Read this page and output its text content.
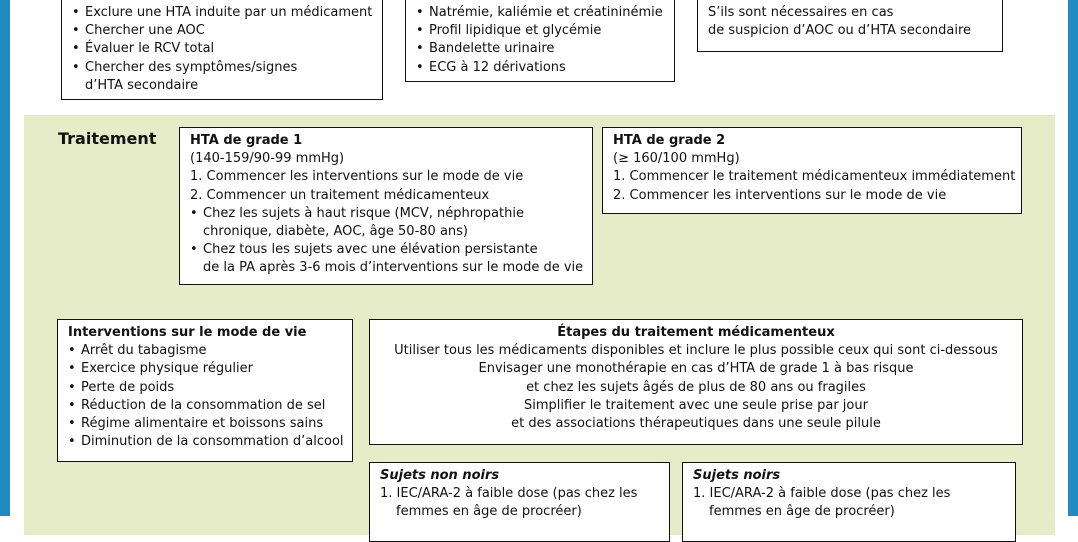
• Exclure une HTA induite par un médicament
• Chercher une AOC
• Évaluer le RCV total
• Chercher des symptômes/signes
d’HTA secondaire
• Natrémie, kaliémie et créatininémie
• Profil lipidique et glycémie
• Bandelette urinaire
• ECG à 12 dérivations
S’ils sont nécessaires en cas
de suspicion d’AOC ou d’HTA secondaire
Traitement	HTA de grade 1
(140-159/90-99 mmHg)
1. Commencer les interventions sur le mode de vie
2. Commencer un traitement médicamenteux
• Chez les sujets à haut risque (MCV, néphropathie
chronique, diabète, AOC, âge 50-80 ans)
• Chez tous les sujets avec une élévation persistante
de la PA après 3-6 mois d’interventions sur le mode de vie
HTA de grade 2
(≥ 160/100 mmHg)
1. Commencer le traitement médicamenteux immédiatement
2. Commencer les interventions sur le mode de vie
Interventions sur le mode de vie
• Arrêt du tabagisme
• Exercice physique régulier
• Perte de poids
• Réduction de la consommation de sel
• Régime alimentaire et boissons sains
• Diminution de la consommation d’alcool
Étapes du traitement médicamenteux
Utiliser tous les médicaments disponibles et inclure le plus possible ceux qui sont ci-dessous
Envisager une monothérapie en cas d’HTA de grade 1 à bas risque
et chez les sujets âgés de plus de 80 ans ou fragiles
Simplifier le traitement avec une seule prise par jour
et des associations thérapeutiques dans une seule pilule
Sujets non noirs
1. IEC/ARA-2 à faible dose (pas chez les
femmes en âge de procréer)
Sujets noirs
1. IEC/ARA-2 à faible dose (pas chez les
femmes en âge de procréer)
